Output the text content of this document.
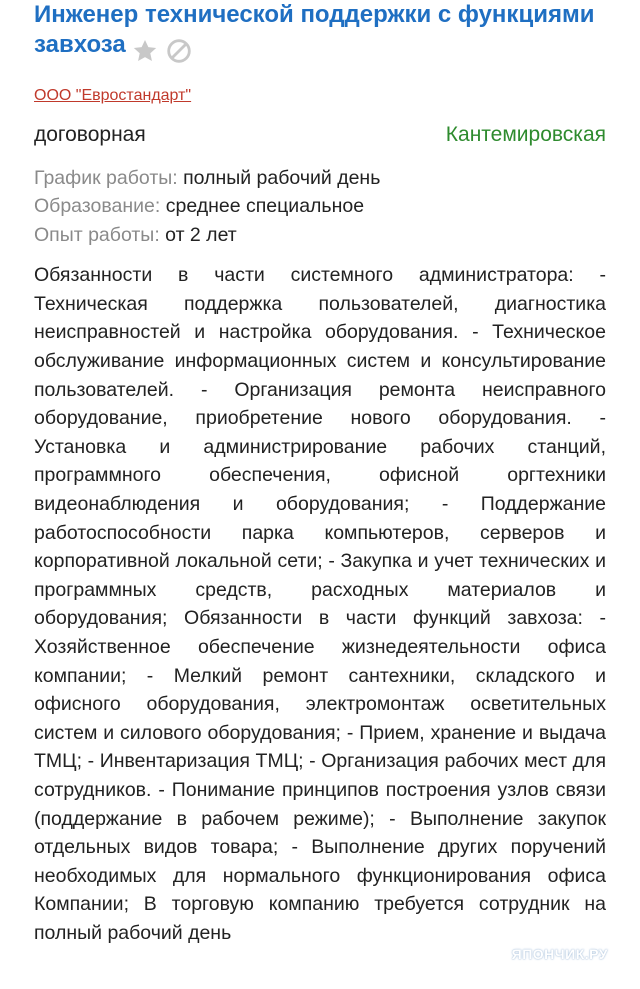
Инженер технической поддержки с функциями завхоза
ООО "Евростандарт"
договорная	Кантемировская
График работы: полный рабочий день
Образование: среднее специальное
Опыт работы: от 2 лет
Обязанности в части системного администратора: - Техническая поддержка пользователей, диагностика неисправностей и настройка оборудования. - Техническое обслуживание информационных систем и консультирование пользователей. - Организация ремонта неисправного оборудование, приобретение нового оборудования. - Установка и администрирование рабочих станций, программного обеспечения, офисной оргтехники видеонаблюдения и оборудования; - Поддержание работоспособности парка компьютеров, серверов и корпоративной локальной сети; - Закупка и учет технических и программных средств, расходных материалов и оборудования; Обязанности в части функций завхоза: - Хозяйственное обеспечение жизнедеятельности офиса компании; - Мелкий ремонт сантехники, складского и офисного оборудования, электромонтаж осветительных систем и силового оборудования; - Прием, хранение и выдача ТМЦ; - Инвентаризация ТМЦ; - Организация рабочих мест для сотрудников. - Понимание принципов построения узлов связи (поддержание в рабочем режиме); - Выполнение закупок отдельных видов товара; - Выполнение других поручений необходимых для нормального функционирования офиса Компании; В торговую компанию требуется сотрудник на полный рабочий день
ЯПОНЧИК.РУ
